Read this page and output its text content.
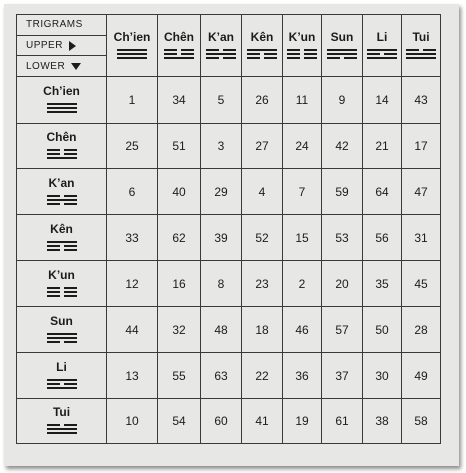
TRIGRAMS
UPPER
LOWER	Ch’ien	Chên	K’an	Kên	K’un	Sun	Li	Tui

Ch’ien	1	34	5	26	11	9	14	43

Chên	25	51	3	27	24	42	21	17

K’an	6	40	29	4	7	59	64	47

Kên	33	62	39	52	15	53	56	31

K’un	12	16	8	23	2	20	35	45

Sun	44	32	48	18	46	57	50	28

Li	13	55	63	22	36	37	30	49

Tui	10	54	60	41	19	61	38	58
